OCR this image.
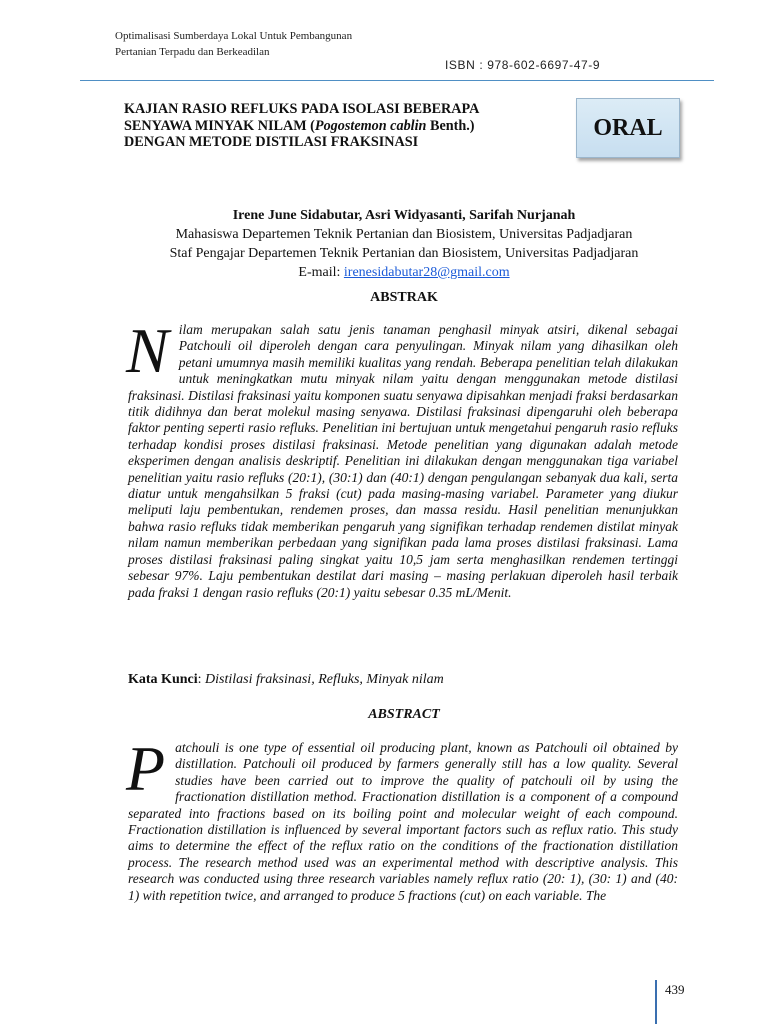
Optimalisasi Sumberdaya Lokal Untuk Pembangunan
Pertanian Terpadu dan Berkeadilan
ISBN : 978-602-6697-47-9
KAJIAN RASIO REFLUKS PADA ISOLASI BEBERAPA
SENYAWA MINYAK NILAM (Pogostemon cablin Benth.)
DENGAN METODE DISTILASI FRAKSINASI
ORAL
Irene June Sidabutar, Asri Widyasanti, Sarifah Nurjanah
Mahasiswa Departemen Teknik Pertanian dan Biosistem, Universitas Padjadjaran
Staf Pengajar Departemen Teknik Pertanian dan Biosistem, Universitas Padjadjaran
E-mail: irenesidabutar28@gmail.com
ABSTRAK
Nilam merupakan salah satu jenis tanaman penghasil minyak atsiri, dikenal sebagai Patchouli oil diperoleh dengan cara penyulingan. Minyak nilam yang dihasilkan oleh petani umumnya masih memiliki kualitas yang rendah. Beberapa penelitian telah dilakukan untuk meningkatkan mutu minyak nilam yaitu dengan menggunakan metode distilasi fraksinasi. Distilasi fraksinasi yaitu komponen suatu senyawa dipisahkan menjadi fraksi berdasarkan titik didihnya dan berat molekul masing senyawa. Distilasi fraksinasi dipengaruhi oleh beberapa faktor penting seperti rasio refluks. Penelitian ini bertujuan untuk mengetahui pengaruh rasio refluks terhadap kondisi proses distilasi fraksinasi. Metode penelitian yang digunakan adalah metode eksperimen dengan analisis deskriptif. Penelitian ini dilakukan dengan menggunakan tiga variabel penelitian yaitu rasio refluks (20:1), (30:1) dan (40:1) dengan pengulangan sebanyak dua kali, serta diatur untuk mengahsilkan 5 fraksi (cut) pada masing-masing variabel. Parameter yang diukur meliputi laju pembentukan, rendemen proses, dan massa residu. Hasil penelitian menunjukkan bahwa rasio refluks tidak memberikan pengaruh yang signifikan terhadap rendemen distilat minyak nilam namun memberikan perbedaan yang signifikan pada lama proses distilasi fraksinasi. Lama proses distilasi fraksinasi paling singkat yaitu 10,5 jam serta menghasilkan rendemen tertinggi sebesar 97%. Laju pembentukan destilat dari masing – masing perlakuan diperoleh hasil terbaik pada fraksi 1 dengan rasio refluks (20:1) yaitu sebesar 0.35 mL/Menit.
Kata Kunci: Distilasi fraksinasi, Refluks, Minyak nilam
ABSTRACT
Patchouli is one type of essential oil producing plant, known as Patchouli oil obtained by distillation. Patchouli oil produced by farmers generally still has a low quality. Several studies have been carried out to improve the quality of patchouli oil by using the fractionation distillation method. Fractionation distillation is a component of a compound separated into fractions based on its boiling point and molecular weight of each compound. Fractionation distillation is influenced by several important factors such as reflux ratio. This study aims to determine the effect of the reflux ratio on the conditions of the fractionation distillation process. The research method used was an experimental method with descriptive analysis. This research was conducted using three research variables namely reflux ratio (20: 1), (30: 1) and (40: 1) with repetition twice, and arranged to produce 5 fractions (cut) on each variable. The
439
